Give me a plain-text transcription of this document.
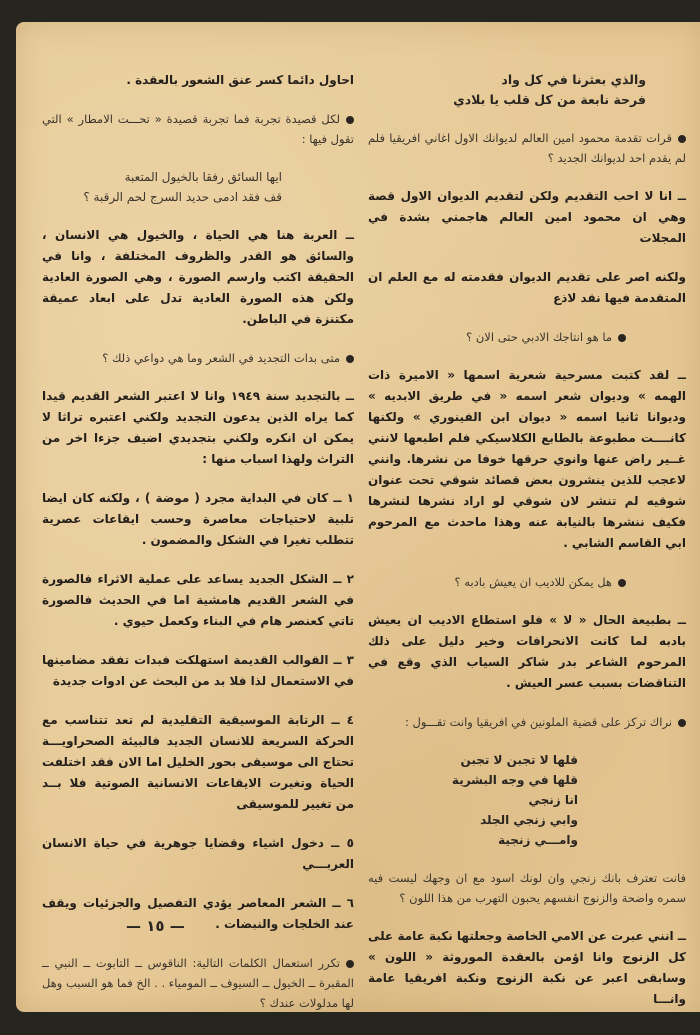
والذي بعثرنا في كل واد
فرحة نابعة من كل قلب يا بلادي
قرات تقدمة محمود امين العالم لديوانك الاول اغاني افريقيا فلم لم يقدم احد لديوانك الجديد ؟
ــ انا لا احب التقديم ولكن لتقديم الديوان الاول قصة وهي ان محمود امين العالم هاجمني بشدة في المجلات
ولكنه اصر على تقديم الديوان فقدمته له مع العلم ان المتقدمة فيها نقد لاذع
ما هو انتاجك الادبي حتى الان ؟
ــ لقد كتبت مسرحية شعرية اسمها « الاميرة ذات الهمه » وديوان شعر اسمه « في طريق الابديه » وديوانا ثانيا اسمه « ديوان ابن الفينوري » ولكنها كانــــت مطبوعة بالطابع الكلاسيكي فلم اطبعها لانني غــير راض عنها وانوي حرقها خوفا من نشرها. وانني لاعجب للذين ينشرون بعض قصائد شوقي تحت عنوان شوقيه لم تنشر لان شوقي لو اراد نشرها لنشرها فكيف ننشرها بالنيابة عنه وهذا ماحدث مع المرحوم ابي القاسم الشابي .
هل يمكن للاديب ان يعيش بادبه ؟
ــ بطبيعة الحال « لا » فلو استطاع الاديب ان يعيش بادبه لما كانت الانحرافات وخير دليل على ذلك المرحوم الشاعر بدر شاكر السياب الذي وقع في التناقضات بسبب عسر العيش .
نراك تركز على قضية الملونين في افريقيا وانت تقـــول :
قلها لا تجبن لا تجبن
قلها في وجه البشرية
انا زنجي
وابي زنجي الجلد
وامـــي زنجية
فانت تعترف بانك زنجي وان لونك اسود مع ان وجهك ليست فيه سمره واضحة والزنوج انفسهم يحبون التهرب من هذا اللون ؟
ــ انني عبرت عن الامي الخاصة وجعلتها نكبة عامة على كل الزنوج وانا اؤمن بالعقدة الموروثة « اللون » وسابقى اعبر عن نكبة الزنوج ونكبة افريقيا عامة وانـــا
احاول دائما كسر عنق الشعور بالعقدة .
لكل قصيدة تجربة فما تجربة قصيدة « تحـــت الامطار » التي تقول فيها :
ايها السائق رفقا بالخيول المتعبة
قف فقد ادمى حديد السرج لحم الرقبة ؟
ــ العربة هنا هي الحياة ، والخيول هي الانسان ، والسائق هو القدر والظروف المختلفة ، وانا في الحقيقة اكتب وارسم الصورة ، وهي الصورة العادية ولكن هذه الصورة العادية تدل على ابعاد عميقة مكتنزة في الباطن.
متى بدات التجديد في الشعر وما هي دواعي ذلك ؟
ــ بالتجديد سنة ١٩٤٩ وانا لا اعتبر الشعر القديم قيدا كما يراه الذين يدعون التجديد ولكني اعتبره تراثا لا يمكن ان انكره ولكني بتجديدي اضيف جزءا اخر من التراث ولهذا اسباب منها :
١ ــ كان في البداية مجرد ( موضة ) ، ولكنه كان ايضا تلبية لاحتياجات معاصرة وحسب ايقاعات عصرية تتطلب تغيرا في الشكل والمضمون .
٢ ــ الشكل الجديد يساعد على عملية الاثراء فالصورة في الشعر القديم هامشية اما في الحديث فالصورة تاتي كعنصر هام في البناء وكعمل حيوي .
٣ ــ القوالب القديمة استهلكت فبدات تفقد مضامينها في الاستعمال لذا فلا بد من البحث عن ادوات جديدة
٤ ــ الرتابة الموسيقية التقليدية لم تعد تتناسب مع الحركة السريعة للانسان الجديد فالبيئة الصحراويـــة تحتاج الى موسيقى بحور الخليل اما الان فقد اختلفت الحياة وتغيرت الايقاعات الانسانية الصوتية فلا بــد من تغيير للموسيقى
٥ ــ دخول اشياء وقضايا جوهرية في حياة الانسان العربـــي
٦ ــ الشعر المعاصر يؤدي التفصيل والجزئيات ويقف عند الخلجات والنبضات .
تكرر استعمال الكلمات التالية: الناقوس ــ التابوت ــ النبي ــ المقبرة ــ الخيول ــ السيوف ــ المومياء . . الخ فما هو السبب وهل لها مدلولات عندك ؟
— ١٥ —
